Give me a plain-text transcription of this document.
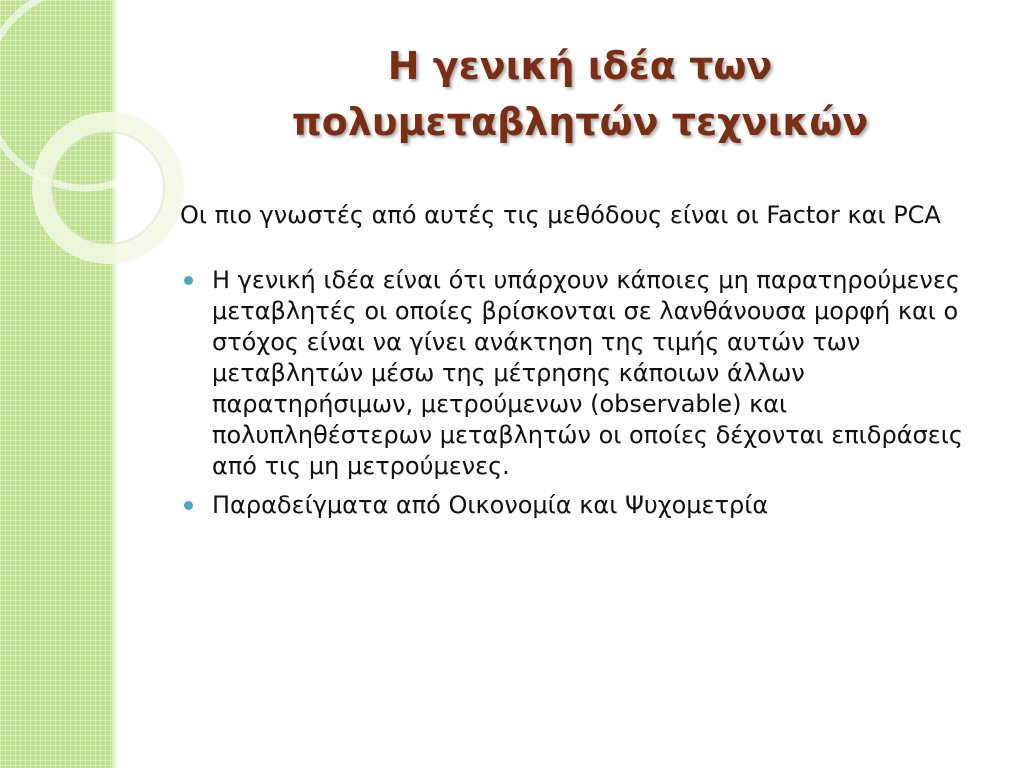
Η γενική ιδέα των
πολυμεταβλητών τεχνικών

Οι πιο γνωστές από αυτές τις μεθόδους είναι οι Factor και PCA

Η γενική ιδέα είναι ότι υπάρχουν κάποιες μη παρατηρούμενες μεταβλητές οι οποίες βρίσκονται σε λανθάνουσα μορφή και ο στόχος είναι να γίνει ανάκτηση της τιμής αυτών των μεταβλητών μέσω της μέτρησης κάποιων άλλων παρατηρήσιμων, μετρούμενων (observable) και πολυπληθέστερων μεταβλητών οι οποίες δέχονται επιδράσεις από τις μη μετρούμενες.
Παραδείγματα από Οικονομία και Ψυχομετρία
